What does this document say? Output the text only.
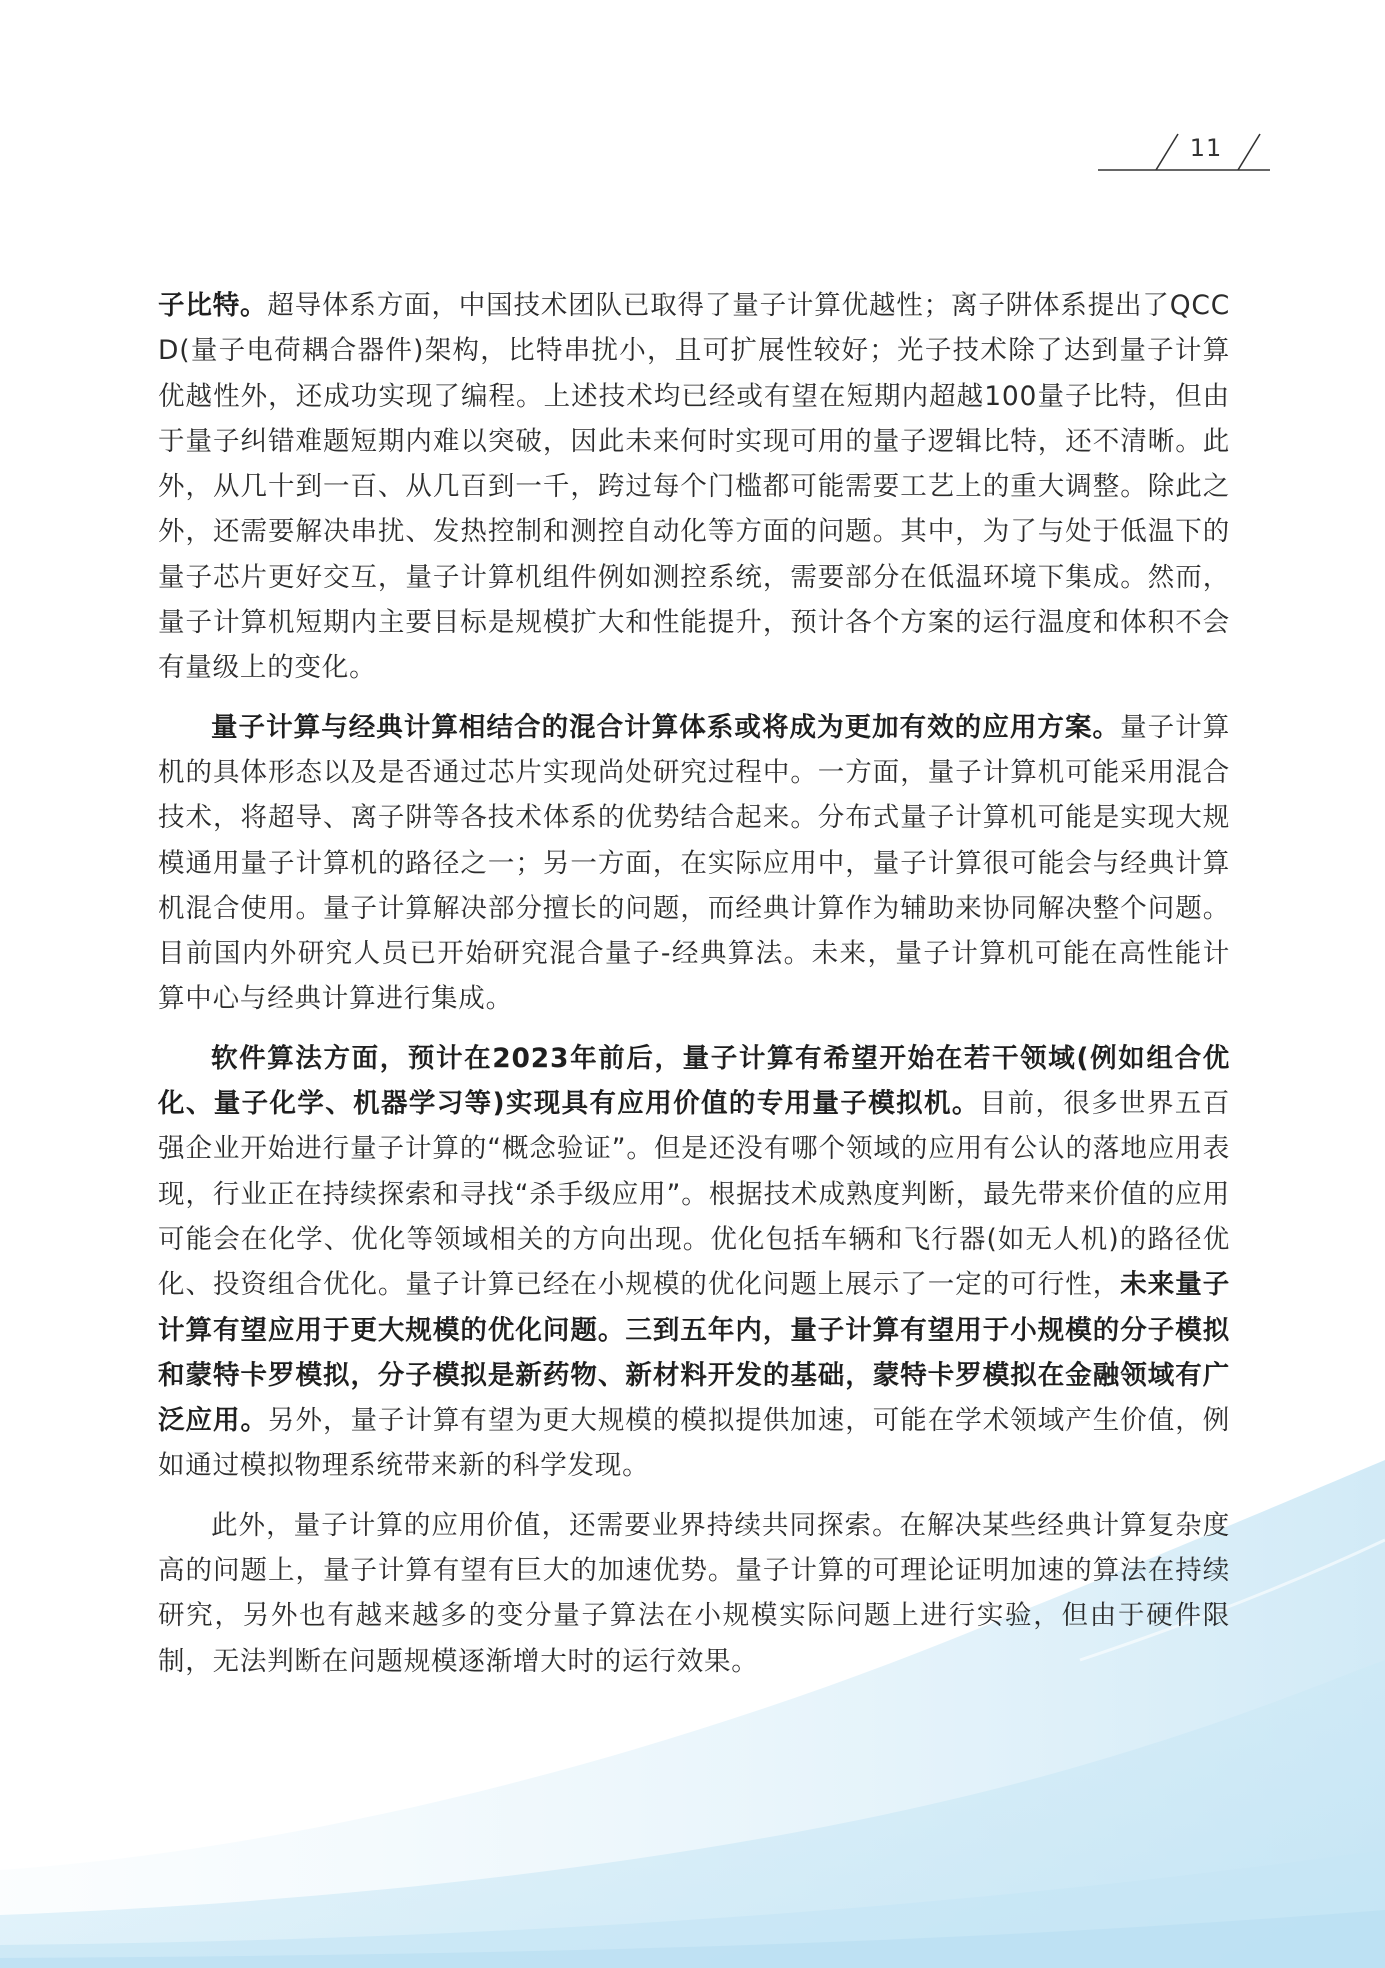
11

子比特。超导体系方面，中国技术团队已取得了量子计算优越性；离子阱体系提出了QCCD(量子电荷耦合器件)架构，比特串扰小，且可扩展性较好；光子技术除了达到量子计算优越性外，还成功实现了编程。上述技术均已经或有望在短期内超越100量子比特，但由于量子纠错难题短期内难以突破，因此未来何时实现可用的量子逻辑比特，还不清晰。此外，从几十到一百、从几百到一千，跨过每个门槛都可能需要工艺上的重大调整。除此之外，还需要解决串扰、发热控制和测控自动化等方面的问题。其中，为了与处于低温下的量子芯片更好交互，量子计算机组件例如测控系统，需要部分在低温环境下集成。然而，量子计算机短期内主要目标是规模扩大和性能提升，预计各个方案的运行温度和体积不会有量级上的变化。

量子计算与经典计算相结合的混合计算体系或将成为更加有效的应用方案。量子计算机的具体形态以及是否通过芯片实现尚处研究过程中。一方面，量子计算机可能采用混合技术，将超导、离子阱等各技术体系的优势结合起来。分布式量子计算机可能是实现大规模通用量子计算机的路径之一；另一方面，在实际应用中，量子计算很可能会与经典计算机混合使用。量子计算解决部分擅长的问题，而经典计算作为辅助来协同解决整个问题。目前国内外研究人员已开始研究混合量子-经典算法。未来，量子计算机可能在高性能计算中心与经典计算进行集成。

软件算法方面，预计在2023年前后，量子计算有希望开始在若干领域(例如组合优化、量子化学、机器学习等)实现具有应用价值的专用量子模拟机。目前，很多世界五百强企业开始进行量子计算的“概念验证”。但是还没有哪个领域的应用有公认的落地应用表现，行业正在持续探索和寻找“杀手级应用”。根据技术成熟度判断，最先带来价值的应用可能会在化学、优化等领域相关的方向出现。优化包括车辆和飞行器(如无人机)的路径优化、投资组合优化。量子计算已经在小规模的优化问题上展示了一定的可行性，未来量子计算有望应用于更大规模的优化问题。三到五年内，量子计算有望用于小规模的分子模拟和蒙特卡罗模拟，分子模拟是新药物、新材料开发的基础，蒙特卡罗模拟在金融领域有广泛应用。另外，量子计算有望为更大规模的模拟提供加速，可能在学术领域产生价值，例如通过模拟物理系统带来新的科学发现。

此外，量子计算的应用价值，还需要业界持续共同探索。在解决某些经典计算复杂度高的问题上，量子计算有望有巨大的加速优势。量子计算的可理论证明加速的算法在持续研究，另外也有越来越多的变分量子算法在小规模实际问题上进行实验，但由于硬件限制，无法判断在问题规模逐渐增大时的运行效果。
